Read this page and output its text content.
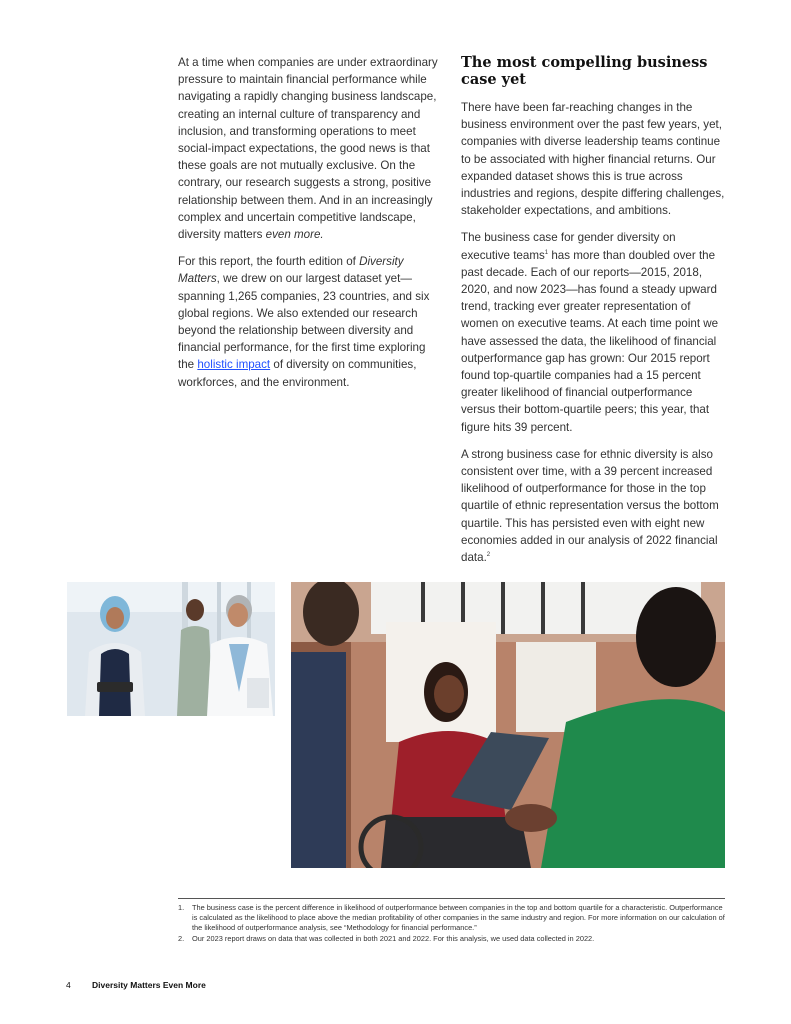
At a time when companies are under extraordinary pressure to maintain financial performance while navigating a rapidly changing business landscape, creating an internal culture of transparency and inclusion, and transforming operations to meet social-impact expectations, the good news is that these goals are not mutually exclusive. On the contrary, our research suggests a strong, positive relationship between them. And in an increasingly complex and uncertain competitive landscape, diversity matters even more.

For this report, the fourth edition of Diversity Matters, we drew on our largest dataset yet—spanning 1,265 companies, 23 countries, and six global regions. We also extended our research beyond the relationship between diversity and financial performance, for the first time exploring the holistic impact of diversity on communities, workforces, and the environment.

The most compelling business case yet

There have been far-reaching changes in the business environment over the past few years, yet, companies with diverse leadership teams continue to be associated with higher financial returns. Our expanded dataset shows this is true across industries and regions, despite differing challenges, stakeholder expectations, and ambitions.

The business case for gender diversity on executive teams$^1$ has more than doubled over the past decade. Each of our reports—2015, 2018, 2020, and now 2023—has found a steady upward trend, tracking ever greater representation of women on executive teams. At each time point we have assessed the data, the likelihood of financial outperformance gap has grown: Our 2015 report found top-quartile companies had a 15 percent greater likelihood of financial outperformance versus their bottom-quartile peers; this year, that figure hits 39 percent.

A strong business case for ethnic diversity is also consistent over time, with a 39 percent increased likelihood of outperformance for those in the top quartile of ethnic representation versus the bottom quartile. This has persisted even with eight new economies added in our analysis of 2022 financial data.$^2$

1.	The business case is the percent difference in likelihood of outperformance between companies in the top and bottom quartile for a characteristic. Outperformance is calculated as the likelihood to place above the median profitability of other companies in the same industry and region. For more information on our calculation of the likelihood of outperformance analysis, see “Methodology for financial performance.”
2.	Our 2023 report draws on data that was collected in both 2021 and 2022. For this analysis, we used data collected in 2022.
4	Diversity Matters Even More
